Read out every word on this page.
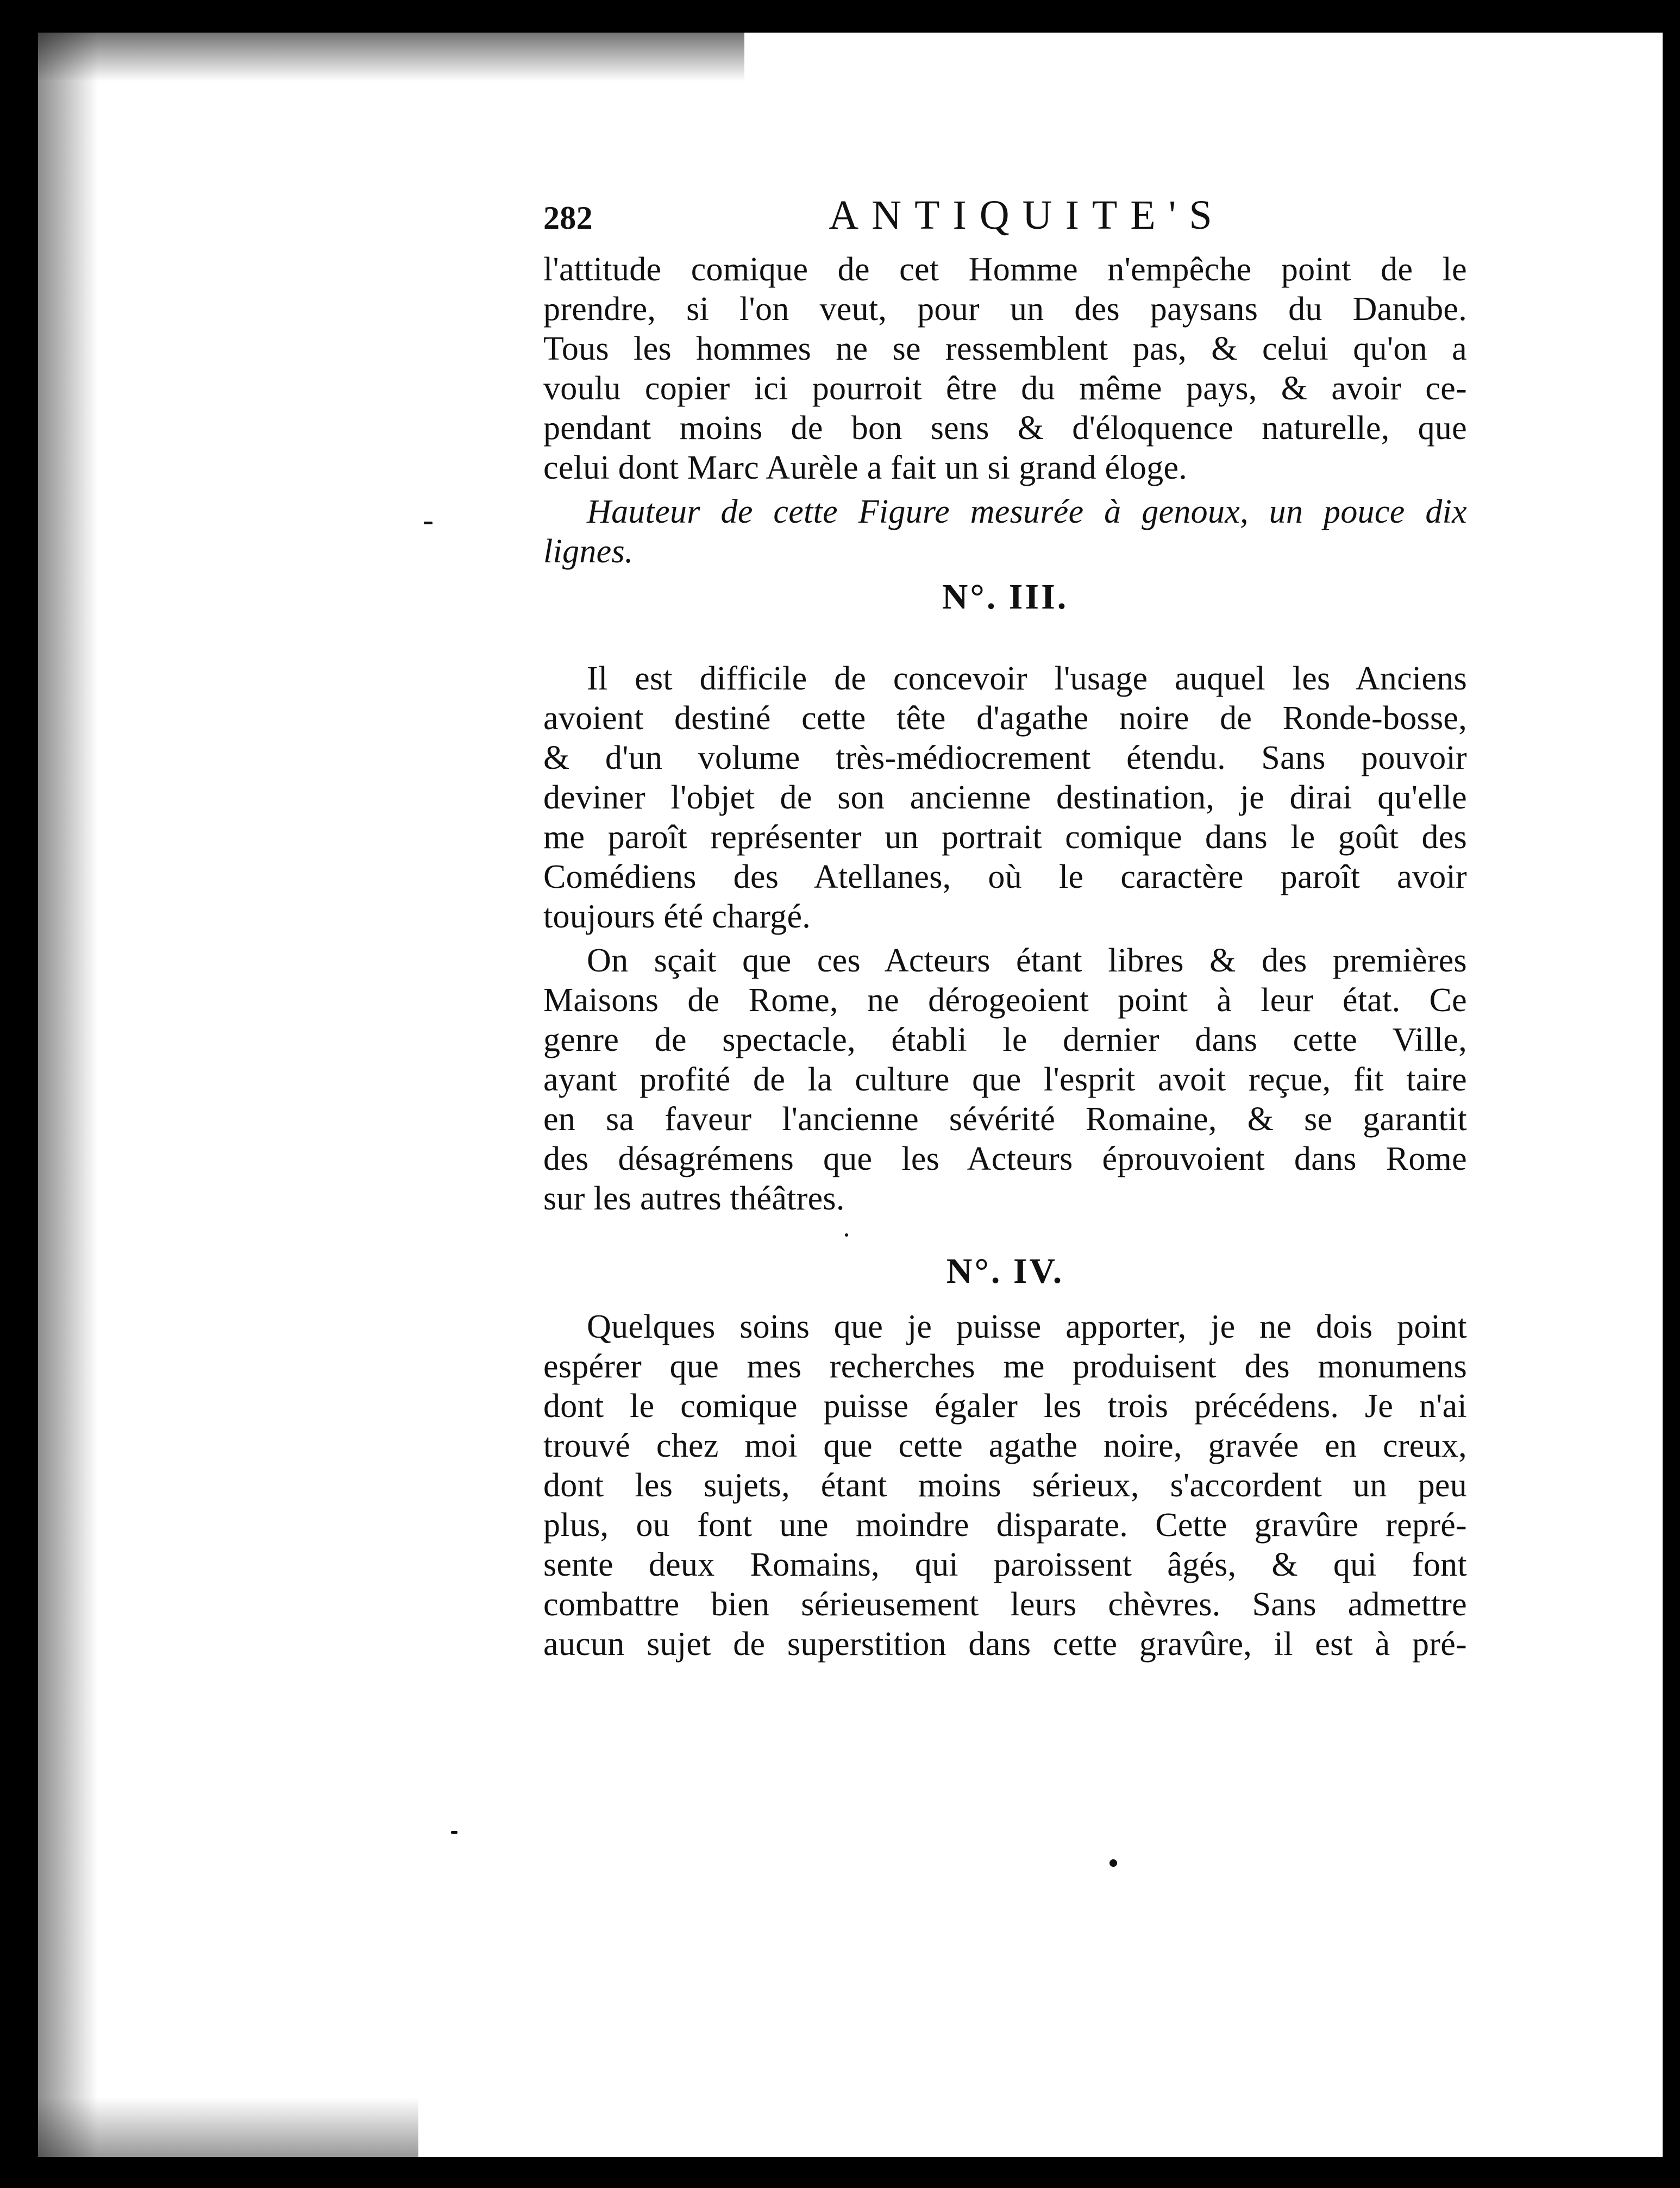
282	ANTIQUITE'S
l'attitude comique de cet Homme n'empêche point de le
prendre, si l'on veut, pour un des paysans du Danube.
Tous les hommes ne se ressemblent pas, & celui qu'on a
voulu copier ici pourroit être du même pays, & avoir ce-
pendant moins de bon sens & d'éloquence naturelle, que
celui dont Marc Aurèle a fait un si grand éloge.
Hauteur de cette Figure mesurée à genoux, un pouce dix
lignes.
N°. III.
Il est difficile de concevoir l'usage auquel les Anciens
avoient destiné cette tête d'agathe noire de Ronde-bosse,
& d'un volume très-médiocrement étendu. Sans pouvoir
deviner l'objet de son ancienne destination, je dirai qu'elle
me paroît représenter un portrait comique dans le goût des
Comédiens des Atellanes, où le caractère paroît avoir
toujours été chargé.
On sçait que ces Acteurs étant libres & des premières
Maisons de Rome, ne dérogeoient point à leur état. Ce
genre de spectacle, établi le dernier dans cette Ville,
ayant profité de la culture que l'esprit avoit reçue, fit taire
en sa faveur l'ancienne sévérité Romaine, & se garantit
des désagrémens que les Acteurs éprouvoient dans Rome
sur les autres théâtres.
N°. IV.
Quelques soins que je puisse apporter, je ne dois point
espérer que mes recherches me produisent des monumens
dont le comique puisse égaler les trois précédens. Je n'ai
trouvé chez moi que cette agathe noire, gravée en creux,
dont les sujets, étant moins sérieux, s'accordent un peu
plus, ou font une moindre disparate. Cette gravûre repré-
sente deux Romains, qui paroissent âgés, & qui font
combattre bien sérieusement leurs chèvres. Sans admettre
aucun sujet de superstition dans cette gravûre, il est à pré-
